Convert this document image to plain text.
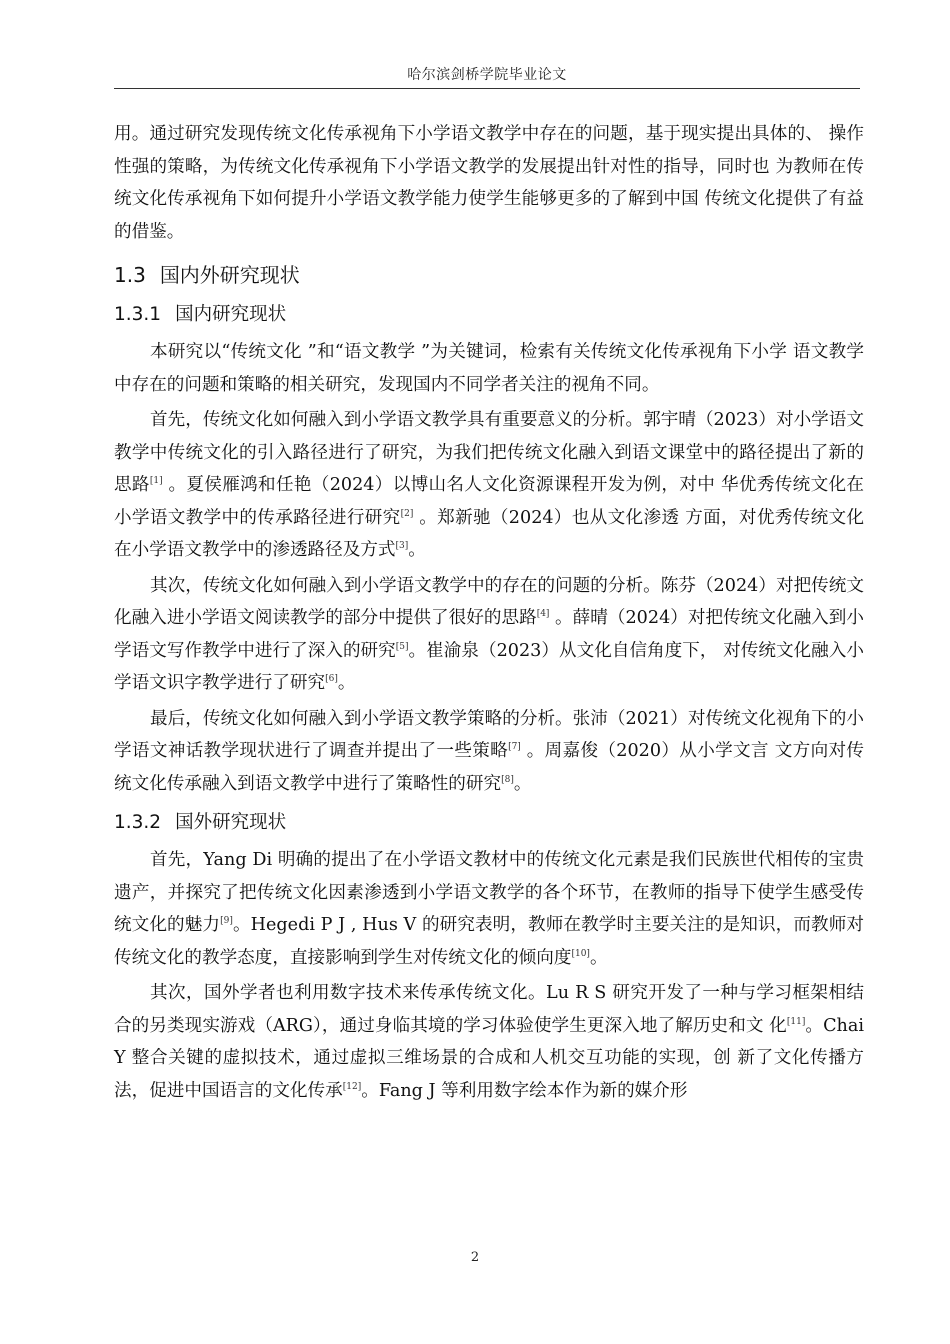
哈尔滨剑桥学院毕业论文

用。通过研究发现传统文化传承视角下小学语文教学中存在的问题，基于现实提出具体的、 操作性强的策略，为传统文化传承视角下小学语文教学的发展提出针对性的指导，同时也 为教师在传统文化传承视角下如何提升小学语文教学能力使学生能够更多的了解到中国 传统文化提供了有益的借鉴。

1.3 国内外研究现状
1.3.1 国内研究现状

本研究以“传统文化 ”和“语文教学 ”为关键词，检索有关传统文化传承视角下小学 语文教学中存在的问题和策略的相关研究，发现国内不同学者关注的视角不同。

首先，传统文化如何融入到小学语文教学具有重要意义的分析。郭宇晴（2023）对小学语文教学中传统文化的引入路径进行了研究，为我们把传统文化融入到语文课堂中的路径提出了新的思路[1] 。夏侯雁鸿和任艳（2024）以博山名人文化资源课程开发为例，对中 华优秀传统文化在小学语文教学中的传承路径进行研究[2] 。郑新驰（2024）也从文化渗透 方面，对优秀传统文化在小学语文教学中的渗透路径及方式[3]。

其次，传统文化如何融入到小学语文教学中的存在的问题的分析。陈芬（2024）对把传统文化融入进小学语文阅读教学的部分中提供了很好的思路[4] 。薛晴（2024）对把传统文化融入到小学语文写作教学中进行了深入的研究[5]。崔渝泉（2023）从文化自信角度下， 对传统文化融入小学语文识字教学进行了研究[6]。

最后，传统文化如何融入到小学语文教学策略的分析。张沛（2021）对传统文化视角下的小学语文神话教学现状进行了调查并提出了一些策略[7] 。周嘉俊（2020）从小学文言 文方向对传统文化传承融入到语文教学中进行了策略性的研究[8]。

1.3.2 国外研究现状

首先，Yang Di 明确的提出了在小学语文教材中的传统文化元素是我们民族世代相传的宝贵遗产，并探究了把传统文化因素渗透到小学语文教学的各个环节，在教师的指导下使学生感受传统文化的魅力[9]。Hegedi P J , Hus V 的研究表明，教师在教学时主要关注的是知识，而教师对传统文化的教学态度，直接影响到学生对传统文化的倾向度[10]。

其次，国外学者也利用数字技术来传承传统文化。Lu R S 研究开发了一种与学习框架相结合的另类现实游戏（ARG），通过身临其境的学习体验使学生更深入地了解历史和文 化[11]。Chai Y 整合关键的虚拟技术，通过虚拟三维场景的合成和人机交互功能的实现，创 新了文化传播方法，促进中国语言的文化传承[12]。Fang J 等利用数字绘本作为新的媒介形

2
